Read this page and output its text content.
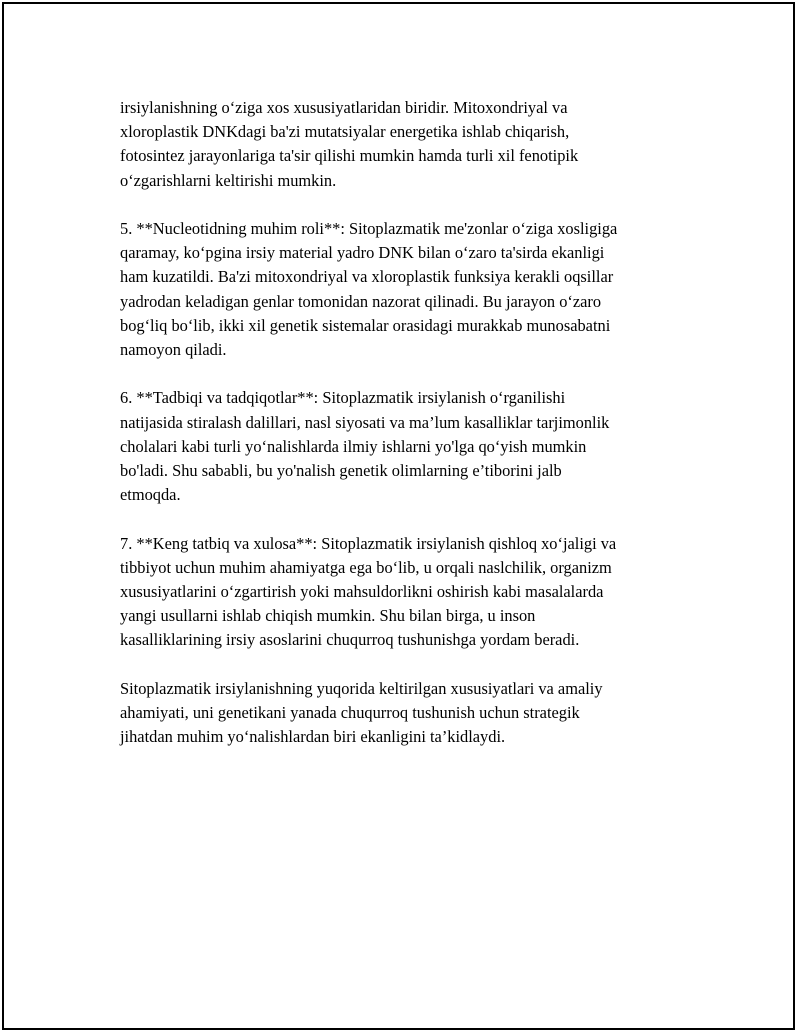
irsiylanishning o‘ziga xos xususiyatlaridan biridir. Mitoxondriyal va
xloroplastik DNKdagi ba'zi mutatsiyalar energetika ishlab chiqarish,
fotosintez jarayonlariga ta'sir qilishi mumkin hamda turli xil fenotipik
o‘zgarishlarni keltirishi mumkin.

5. **Nucleotidning muhim roli**: Sitoplazmatik me'zonlar o‘ziga xosligiga
qaramay, ko‘pgina irsiy material yadro DNK bilan o‘zaro ta'sirda ekanligi
ham kuzatildi. Ba'zi mitoxondriyal va xloroplastik funksiya kerakli oqsillar
yadrodan keladigan genlar tomonidan nazorat qilinadi. Bu jarayon o‘zaro
bog‘liq bo‘lib, ikki xil genetik sistemalar orasidagi murakkab munosabatni
namoyon qiladi.

6. **Tadbiqi va tadqiqotlar**: Sitoplazmatik irsiylanish o‘rganilishi
natijasida stiralash dalillari, nasl siyosati va ma’lum kasalliklar tarjimonlik
cholalari kabi turli yo‘nalishlarda ilmiy ishlarni yo'lga qo‘yish mumkin
bo'ladi. Shu sababli, bu yo'nalish genetik olimlarning e’tiborini jalb
etmoqda.

7. **Keng tatbiq va xulosa**: Sitoplazmatik irsiylanish qishloq xo‘jaligi va
tibbiyot uchun muhim ahamiyatga ega bo‘lib, u orqali naslchilik, organizm
xususiyatlarini o‘zgartirish yoki mahsuldorlikni oshirish kabi masalalarda
yangi usullarni ishlab chiqish mumkin. Shu bilan birga, u inson
kasalliklarining irsiy asoslarini chuqurroq tushunishga yordam beradi.

Sitoplazmatik irsiylanishning yuqorida keltirilgan xususiyatlari va amaliy
ahamiyati, uni genetikani yanada chuqurroq tushunish uchun strategik
jihatdan muhim yo‘nalishlardan biri ekanligini ta’kidlaydi.
